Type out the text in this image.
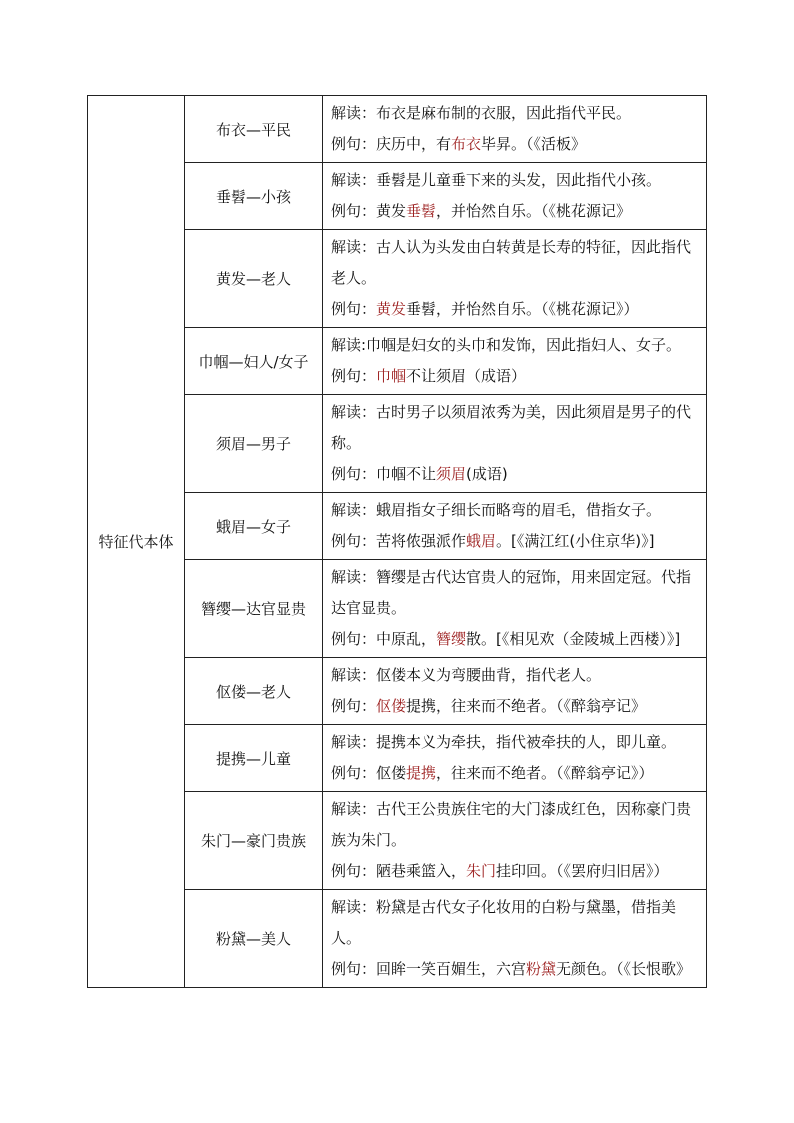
特征代本体	布衣—平民	解读：布衣是麻布制的衣服，因此指代平民。
例句：庆历中，有布衣毕昇。（《活板》

	垂髫—小孩	解读：垂髫是儿童垂下来的头发，因此指代小孩。
例句：黄发垂髫，并怡然自乐。（《桃花源记》

	黄发—老人	解读：古人认为头发由白转黄是长寿的特征，因此指代老人。
例句：黄发垂髫，并怡然自乐。（《桃花源记》）

	巾帼—妇人/女子	解读:巾帼是妇女的头巾和发饰，因此指妇人、女子。
例句：巾帼不让须眉（成语）

	须眉—男子	解读：古时男子以须眉浓秀为美，因此须眉是男子的代称。
例句：巾帼不让须眉(成语)

	蛾眉—女子	解读：蛾眉指女子细长而略弯的眉毛，借指女子。
例句：苦将侬强派作蛾眉。[《满江红(小住京华)》]

	簪缨—达官显贵	解读：簪缨是古代达官贵人的冠饰，用来固定冠。代指达官显贵。
例句：中原乱，簪缨散。[《相见欢（金陵城上西楼）》]

	伛偻—老人	解读：伛偻本义为弯腰曲背，指代老人。
例句：伛偻提携，往来而不绝者。（《醉翁亭记》

	提携—儿童	解读：提携本义为牵扶，指代被牵扶的人，即儿童。
例句：伛偻提携，往来而不绝者。（《醉翁亭记》）

	朱门—豪门贵族	解读：古代王公贵族住宅的大门漆成红色，因称豪门贵族为朱门。
例句：陋巷乘篮入，朱门挂印回。（《罢府归旧居》）

	粉黛—美人	解读：粉黛是古代女子化妆用的白粉与黛墨，借指美人。
例句：回眸一笑百媚生，六宫粉黛无颜色。（《长恨歌》
